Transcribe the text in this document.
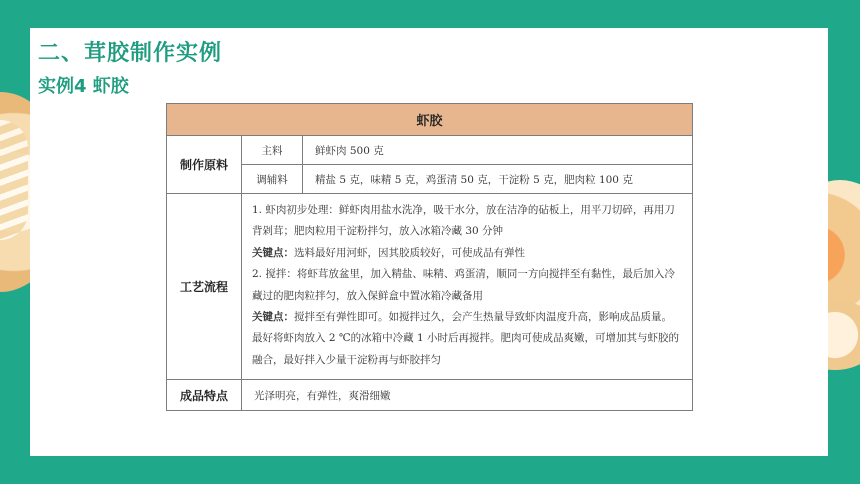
二、茸胶制作实例
实例4 虾胶
虾胶		
制作原料	主料	鲜虾肉 500 克
	调辅料	精盐 5 克，味精 5 克，鸡蛋清 50 克，干淀粉 5 克，肥肉粒 100 克
工艺流程	1. 虾肉初步处理：鲜虾肉用盐水洗净，吸干水分，放在洁净的砧板上，用平刀切碎，再用刀背剁茸；肥肉粒用干淀粉拌匀，放入冰箱冷藏 30 分钟

关键点：选料最好用河虾，因其胶质较好，可使成品有弹性

2. 搅拌：将虾茸放盆里，加入精盐、味精、鸡蛋清，顺同一方向搅拌至有黏性，最后加入冷藏过的肥肉粒拌匀，放入保鲜盒中置冰箱冷藏备用

关键点：搅拌至有弹性即可。如搅拌过久，会产生热量导致虾肉温度升高，影响成品质量。最好将虾肉放入 2 ℃的冰箱中冷藏 1 小时后再搅拌。肥肉可使成品爽嫩，可增加其与虾胶的融合，最好拌入少量干淀粉再与虾胶拌匀	

成品特点	光泽明亮，有弹性，爽滑细嫩	
